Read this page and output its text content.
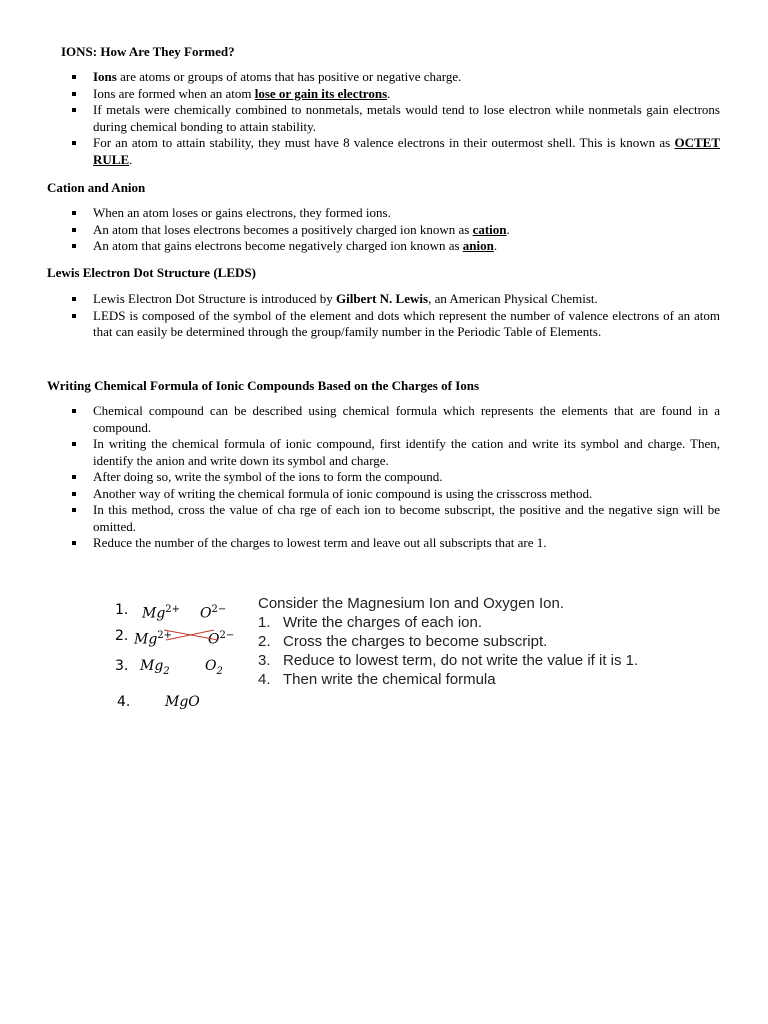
IONS: How Are They Formed?
Ions are atoms or groups of atoms that has positive or negative charge.
Ions are formed when an atom lose or gain its electrons.
If metals were chemically combined to nonmetals, metals would tend to lose electron while nonmetals gain electrons during chemical bonding to attain stability.
For an atom to attain stability, they must have 8 valence electrons in their outermost shell. This is known as OCTET RULE.
Cation and Anion
When an atom loses or gains electrons, they formed ions.
An atom that loses electrons becomes a positively charged ion known as cation.
An atom that gains electrons become negatively charged ion known as anion.
Lewis Electron Dot Structure (LEDS)
Lewis Electron Dot Structure is introduced by Gilbert N. Lewis, an American Physical Chemist.
LEDS is composed of the symbol of the element and dots which represent the number of valence electrons of an atom that can easily be determined through the group/family number in the Periodic Table of Elements.
Writing Chemical Formula of Ionic Compounds Based on the Charges of Ions
Chemical compound can be described using chemical formula which represents the elements that are found in a compound.
In writing the chemical formula of ionic compound, first identify the cation and write its symbol and charge. Then, identify the anion and write down its symbol and charge.
After doing so, write the symbol of the ions to form the compound.
Another way of writing the chemical formula of ionic compound is using the crisscross method.
In this method, cross the value of cha rge of each ion to become subscript, the positive and the negative sign will be omitted.
Reduce the number of the charges to lowest term and leave out all subscripts that are 1.
1. $Mg^{2+}$ $O^{2-}$
2. $Mg^{2+}$	$O^{2-}$
3. $Mg_2$	$O_2$
4. MgO
Consider the Magnesium Ion and Oxygen Ion.
1. Write the charges of each ion.
2. Cross the charges to become subscript.
3. Reduce to lowest term, do not write the value if it is 1.
4. Then write the chemical formula
